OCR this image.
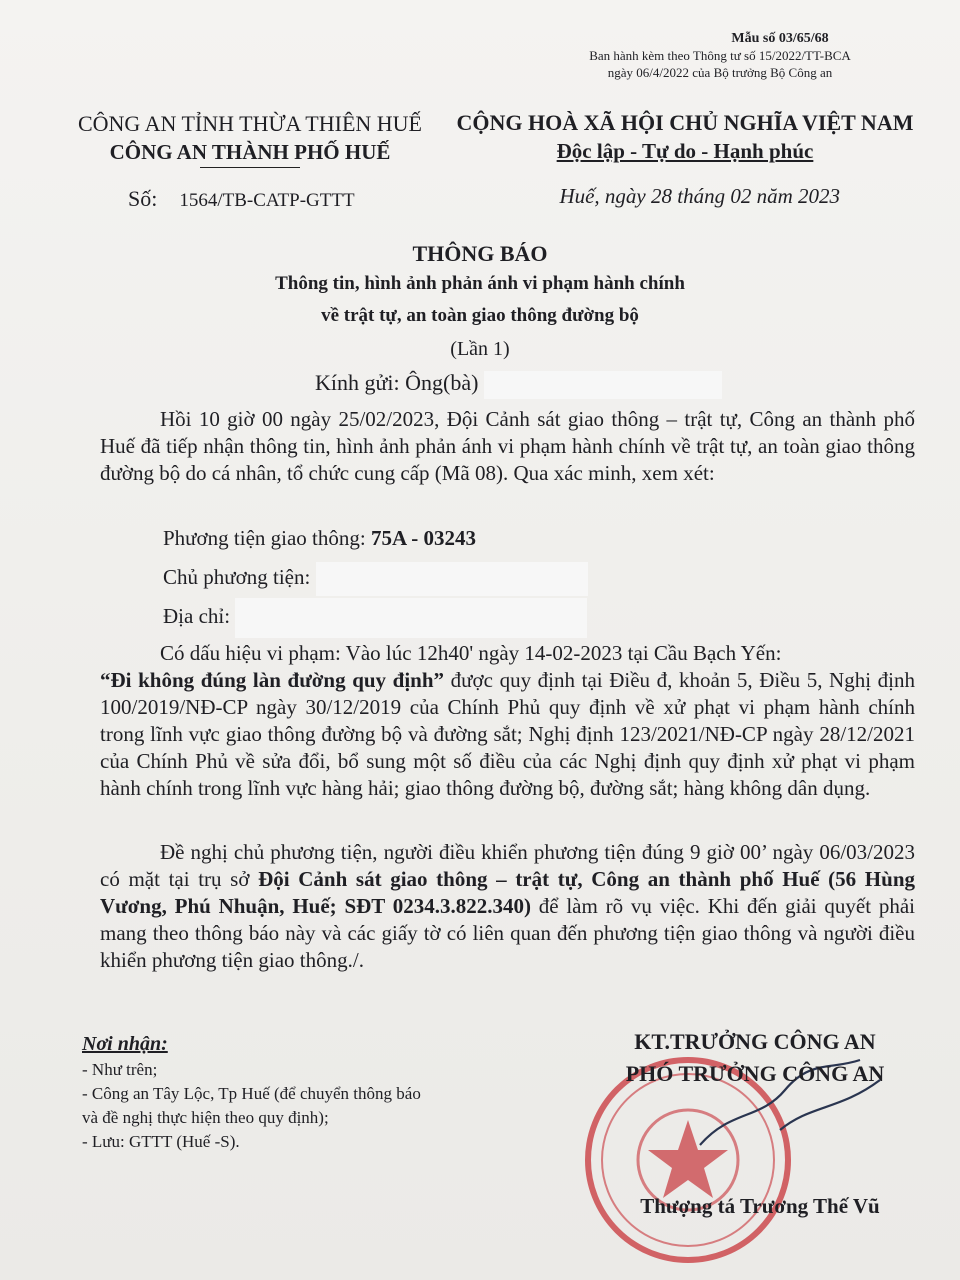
Mẫu số 03/65/68
Ban hành kèm theo Thông tư số 15/2022/TT-BCA
ngày 06/4/2022 của Bộ trưởng Bộ Công an
CÔNG AN TỈNH THỪA THIÊN HUẾ
CÔNG AN THÀNH PHỐ HUẾ
CỘNG HOÀ XÃ HỘI CHỦ NGHĨA VIỆT NAM
Độc lập - Tự do - Hạnh phúc
Số: 1564/TB-CATP-GTTT	Huế, ngày 28 tháng 02 năm 2023
THÔNG BÁO
Thông tin, hình ảnh phản ánh vi phạm hành chính
về trật tự, an toàn giao thông đường bộ
(Lần 1)
Kính gửi: Ông(bà)
Hồi 10 giờ 00 ngày 25/02/2023, Đội Cảnh sát giao thông – trật tự, Công an thành phố Huế đã tiếp nhận thông tin, hình ảnh phản ánh vi phạm hành chính về trật tự, an toàn giao thông đường bộ do cá nhân, tổ chức cung cấp (Mã 08). Qua xác minh, xem xét:
Phương tiện giao thông: 75A - 03243
Chủ phương tiện:
Địa chỉ:
Có dấu hiệu vi phạm: Vào lúc 12h40' ngày 14-02-2023 tại Cầu Bạch Yến:
“Đi không đúng làn đường quy định” được quy định tại Điều đ, khoản 5, Điều 5, Nghị định 100/2019/NĐ-CP ngày 30/12/2019 của Chính Phủ quy định về xử phạt vi phạm hành chính trong lĩnh vực giao thông đường bộ và đường sắt; Nghị định 123/2021/NĐ-CP ngày 28/12/2021 của Chính Phủ về sửa đổi, bổ sung một số điều của các Nghị định quy định xử phạt vi phạm hành chính trong lĩnh vực hàng hải; giao thông đường bộ, đường sắt; hàng không dân dụng.
Đề nghị chủ phương tiện, người điều khiển phương tiện đúng 9 giờ 00’ ngày 06/03/2023 có mặt tại trụ sở Đội Cảnh sát giao thông – trật tự, Công an thành phố Huế (56 Hùng Vương, Phú Nhuận, Huế; SĐT 0234.3.822.340) để làm rõ vụ việc. Khi đến giải quyết phải mang theo thông báo này và các giấy tờ có liên quan đến phương tiện giao thông và người điều khiển phương tiện giao thông./.
Nơi nhận:
- Như trên;
- Công an Tây Lộc, Tp Huế (để chuyển thông báo
và đề nghị thực hiện theo quy định);
- Lưu: GTTT (Huế -S).
KT.TRƯỞNG CÔNG AN
PHÓ TRƯỞNG CÔNG AN
Thượng tá Trương Thế Vũ
